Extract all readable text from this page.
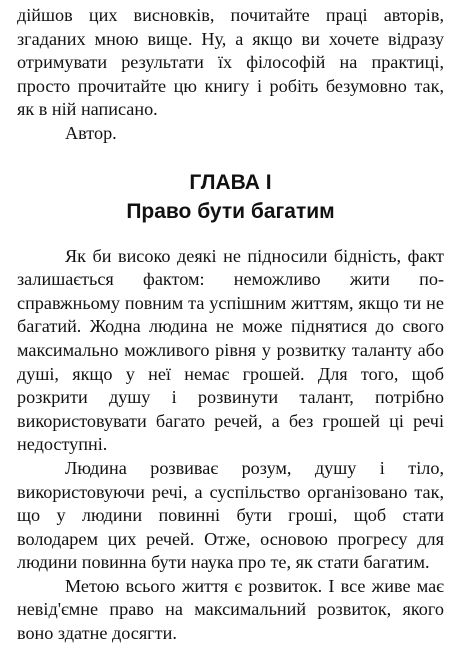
дійшов цих висновків, почитайте праці авторів, згаданих мною вище. Ну, а якщо ви хочете відразу отримувати результати їх філософій на практиці, просто прочитайте цю книгу і робіть безумовно так, як в ній написано.

Автор.

ГЛАВА І
Право бути багатим

Як би високо деякі не підносили бідність, факт залишається фактом: неможливо жити по-справжньому повним та успішним життям, якщо ти не багатий. Жодна людина не може піднятися до свого максимально можливого рівня у розвитку таланту або душі, якщо у неї немає грошей. Для того, щоб розкрити душу і розвинути талант, потрібно використовувати багато речей, а без грошей ці речі недоступні.

Людина розвиває розум, душу і тіло, використовуючи речі, а суспільство організовано так, що у людини повинні бути гроші, щоб стати володарем цих речей. Отже, основою прогресу для людини повинна бути наука про те, як стати багатим.

Метою всього життя є розвиток. І все живе має невід'ємне право на максимальний розвиток, якого воно здатне досягти.
